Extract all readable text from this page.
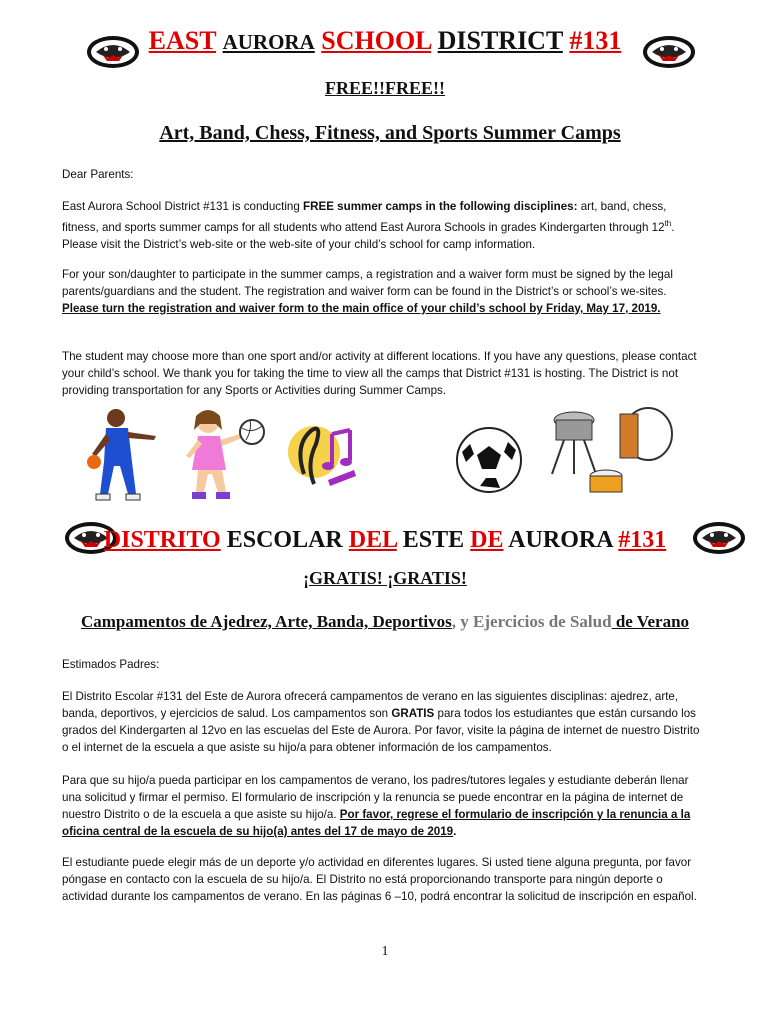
EAST AURORA SCHOOL DISTRICT #131
FREE!!FREE!!
Art, Band, Chess, Fitness, and Sports Summer Camps
Dear Parents:
East Aurora School District #131 is conducting FREE summer camps in the following disciplines: art, band, chess, fitness, and sports summer camps for all students who attend East Aurora Schools in grades Kindergarten through 12th. Please visit the District’s web-site or the web-site of your child’s school for camp information.
For your son/daughter to participate in the summer camps, a registration and a waiver form must be signed by the legal parents/guardians and the student. The registration and waiver form can be found in the District’s or school’s we-sites. Please turn the registration and waiver form to the main office of your child’s school by Friday, May 17, 2019.
The student may choose more than one sport and/or activity at different locations. If you have any questions, please contact your child’s school. We thank you for taking the time to view all the camps that District #131 is hosting. The District is not providing transportation for any Sports or Activities during Summer Camps.
DISTRITO ESCOLAR DEL ESTE DE AURORA #131
¡GRATIS! ¡GRATIS!
Campamentos de Ajedrez, Arte, Banda, Deportivos, y Ejercicios de Salud de Verano
Estimados Padres:
El Distrito Escolar #131 del Este de Aurora ofrecerá campamentos de verano en las siguientes disciplinas: ajedrez, arte, banda, deportivos, y ejercicios de salud. Los campamentos son GRATIS para todos los estudiantes que están cursando los grados del Kindergarten al 12vo en las escuelas del Este de Aurora. Por favor, visite la página de internet de nuestro Distrito o el internet de la escuela a que asiste su hijo/a para obtener información de los campamentos.
Para que su hijo/a pueda participar en los campamentos de verano, los padres/tutores legales y estudiante deberán llenar una solicitud y firmar el permiso. El formulario de inscripción y la renuncia se puede encontrar en la página de internet de nuestro Distrito o de la escuela a que asiste su hijo/a. Por favor, regrese el formulario de inscripción y la renuncia a la oficina central de la escuela de su hijo(a) antes del 17 de mayo de 2019.
El estudiante puede elegir más de un deporte y/o actividad en diferentes lugares. Si usted tiene alguna pregunta, por favor póngase en contacto con la escuela de su hijo/a. El Distrito no está proporcionando transporte para ningún deporte o actividad durante los campamentos de verano. En las páginas 6 –10, podrá encontrar la solicitud de inscripción en español.
1
